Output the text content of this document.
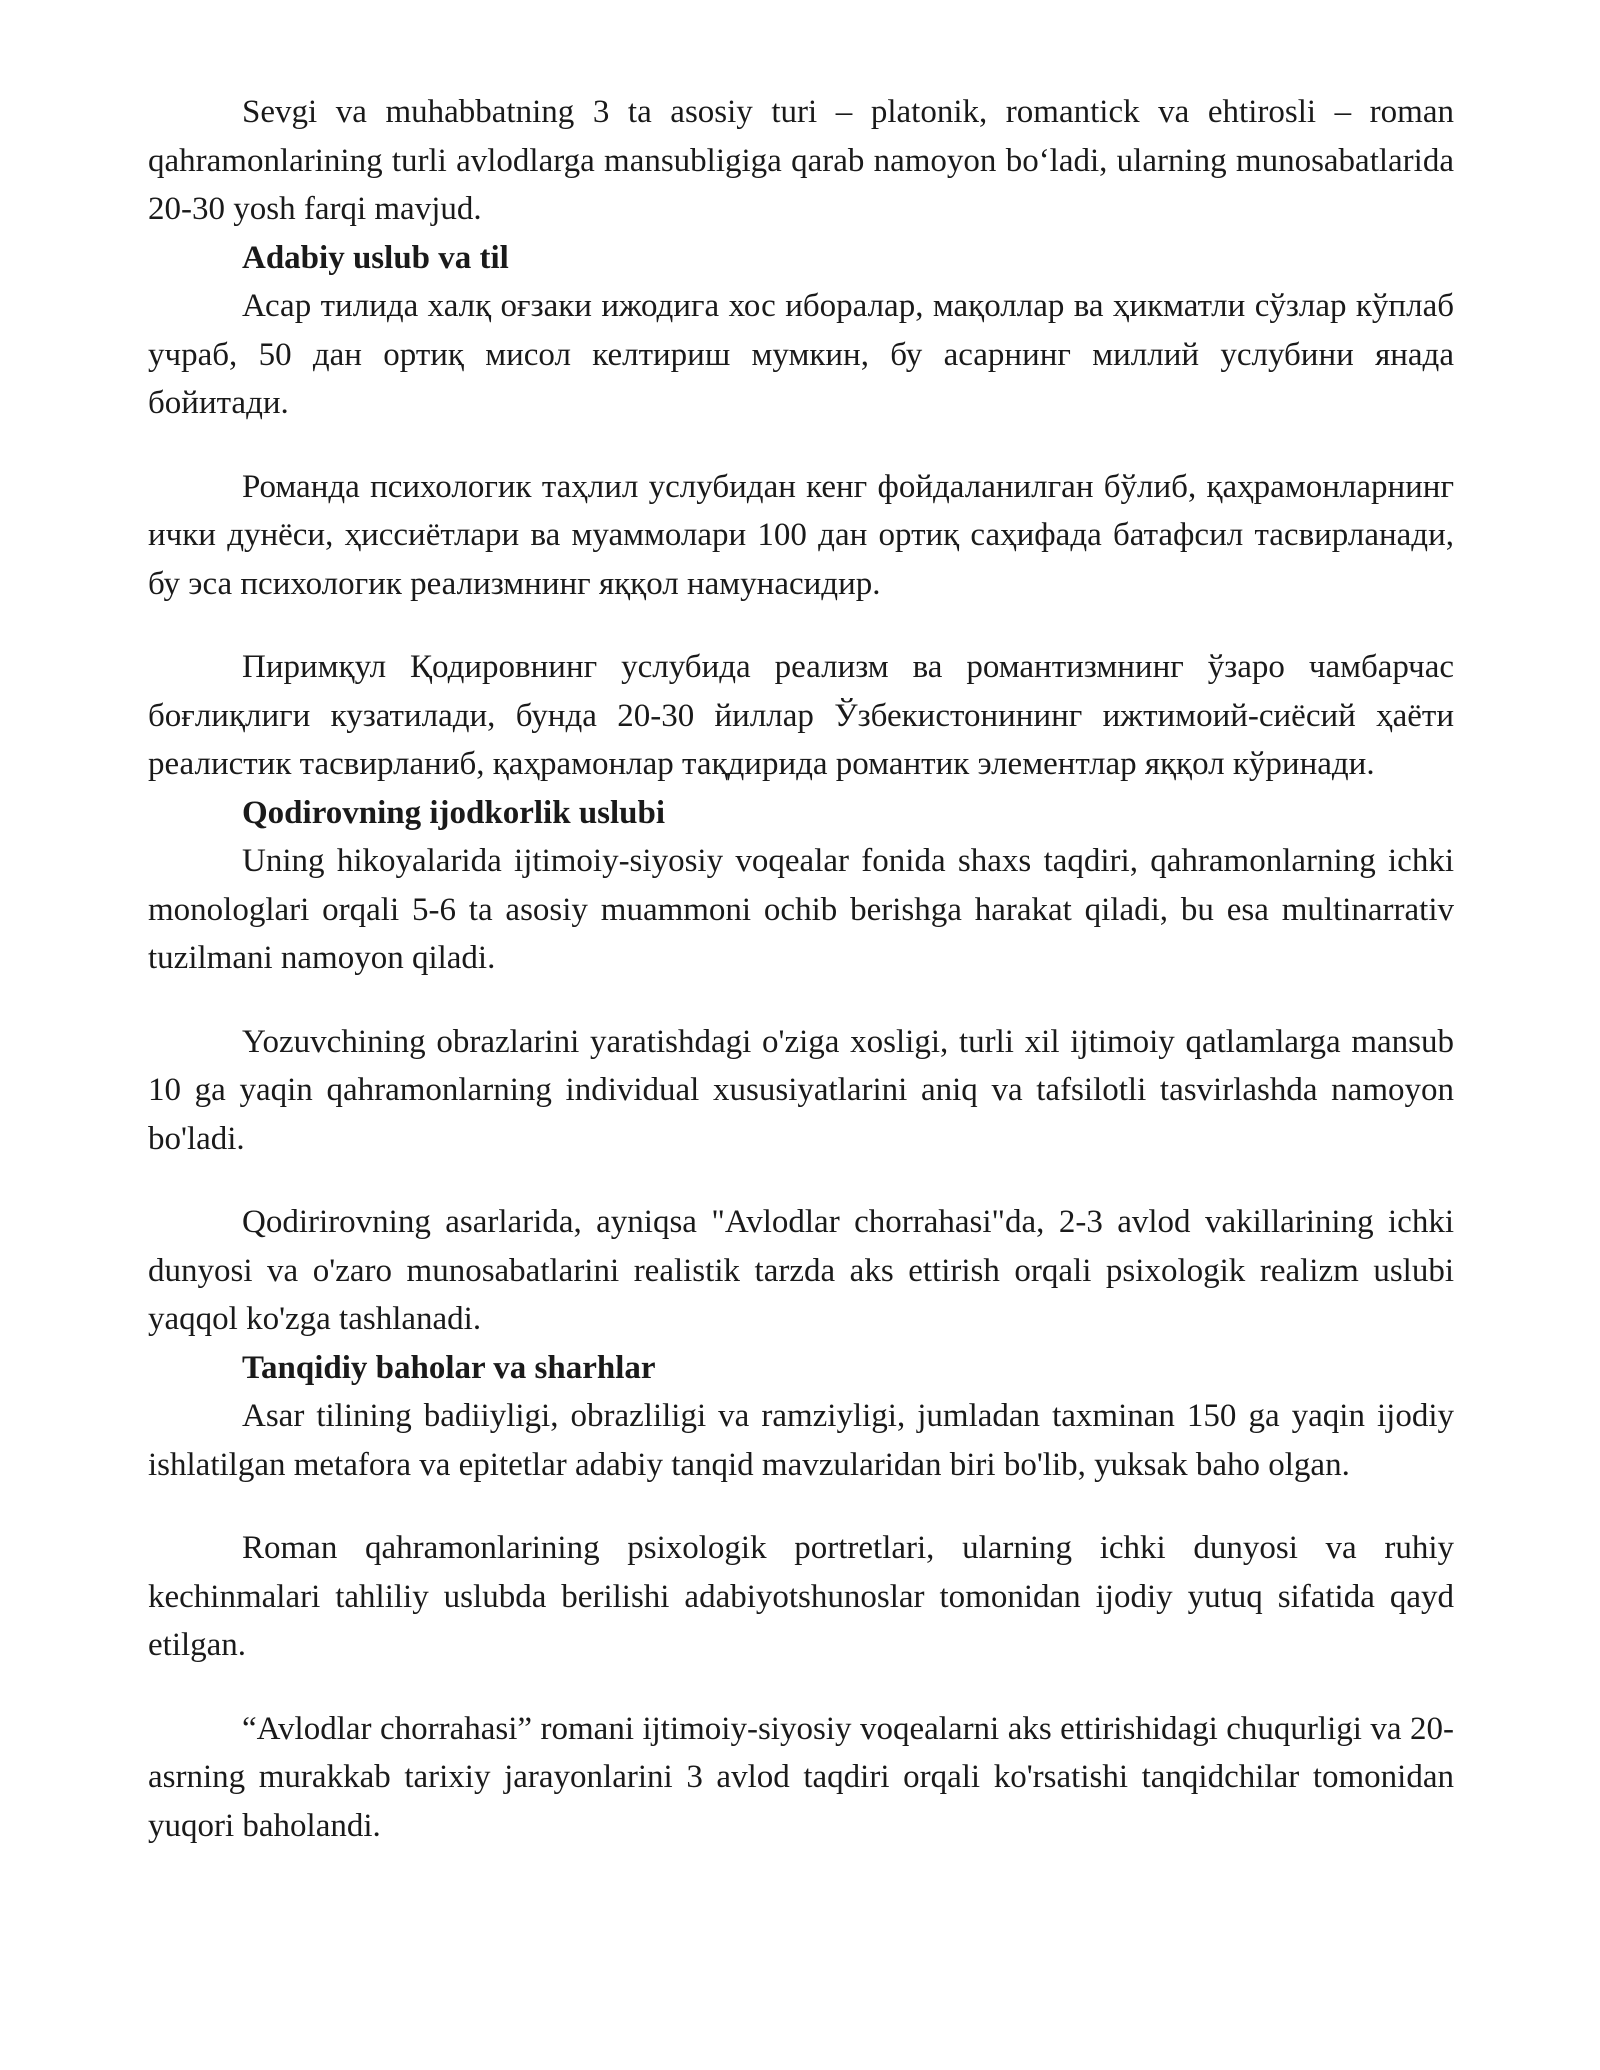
Sevgi va muhabbatning 3 ta asosiy turi – platonik, romantick va ehtirosli – roman qahramonlarining turli avlodlarga mansubligiga qarab namoyon boʻladi, ularning munosabatlarida 20-30 yosh farqi mavjud.

Adabiy uslub va til

Асар тилида халқ оғзаки ижодига хос иборалар, мақоллар ва ҳикматли сўзлар кўплаб учраб, 50 дан ортиқ мисол келтириш мумкин, бу асарнинг миллий услубини янада бойитади.

Романда психологик таҳлил услубидан кенг фойдаланилган бўлиб, қаҳрамонларнинг ички дунёси, ҳиссиётлари ва муаммолари 100 дан ортиқ саҳифада батафсил тасвирланади, бу эса психологик реализмнинг яққол намунасидир.

Пиримқул Қодировнинг услубида реализм ва романтизмнинг ўзаро чамбарчас боғлиқлиги кузатилади, бунда 20-30 йиллар Ўзбекистонининг ижтимоий-сиёсий ҳаёти реалистик тасвирланиб, қаҳрамонлар тақдирида романтик элементлар яққол кўринади.

Qodirovning ijodkorlik uslubi

Uning hikoyalarida ijtimoiy-siyosiy voqealar fonida shaxs taqdiri, qahramonlarning ichki monologlari orqali 5-6 ta asosiy muammoni ochib berishga harakat qiladi, bu esa multinarrativ tuzilmani namoyon qiladi.

Yozuvchining obrazlarini yaratishdagi o'ziga xosligi, turli xil ijtimoiy qatlamlarga mansub 10 ga yaqin qahramonlarning individual xususiyatlarini aniq va tafsilotli tasvirlashda namoyon bo'ladi.

Qodirirovning asarlarida, ayniqsa "Avlodlar chorrahasi"da, 2-3 avlod vakillarining ichki dunyosi va o'zaro munosabatlarini realistik tarzda aks ettirish orqali psixologik realizm uslubi yaqqol ko'zga tashlanadi.

Tanqidiy baholar va sharhlar

Asar tilining badiiyligi, obrazliligi va ramziyligi, jumladan taxminan 150 ga yaqin ijodiy ishlatilgan metafora va epitetlar adabiy tanqid mavzularidan biri bo'lib, yuksak baho olgan.

Roman qahramonlarining psixologik portretlari, ularning ichki dunyosi va ruhiy kechinmalari tahliliy uslubda berilishi adabiyotshunoslar tomonidan ijodiy yutuq sifatida qayd etilgan.

“Avlodlar chorrahasi” romani ijtimoiy-siyosiy voqealarni aks ettirishidagi chuqurligi va 20-asrning murakkab tarixiy jarayonlarini 3 avlod taqdiri orqali ko'rsatishi tanqidchilar tomonidan yuqori baholandi.
